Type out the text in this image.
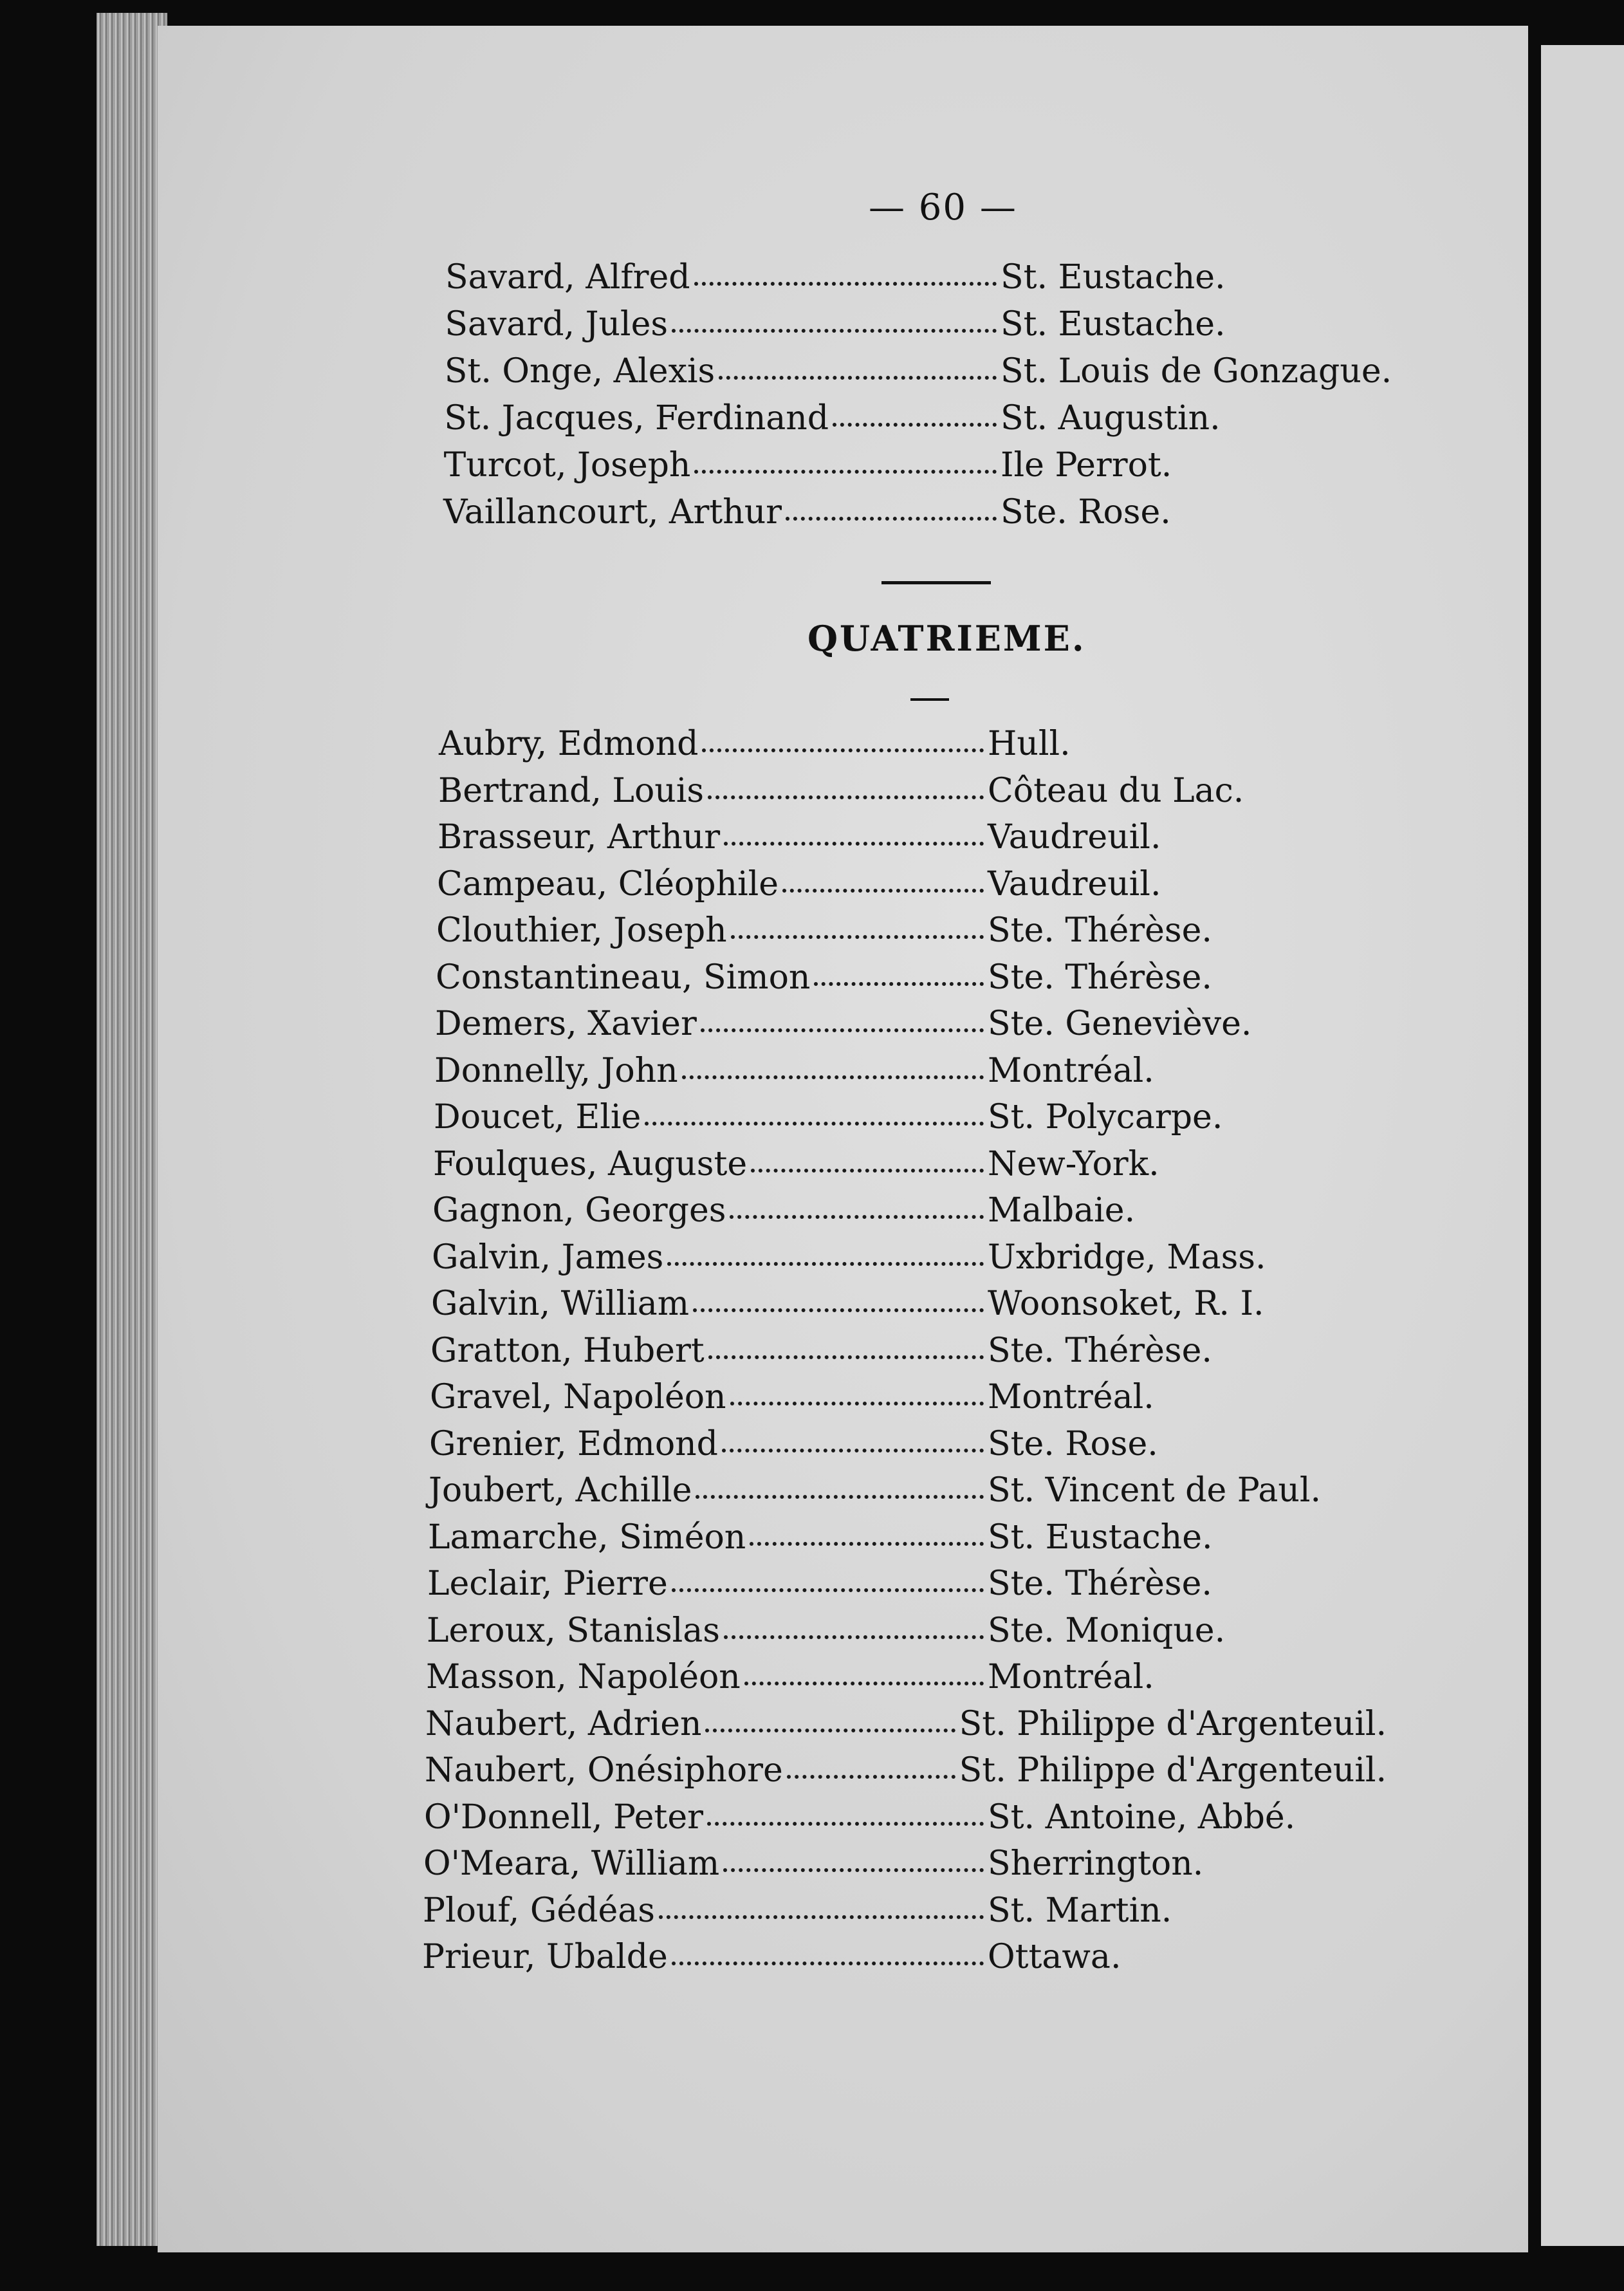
— 60 —
Savard, Alfred	St. Eustache.
Savard, Jules	St. Eustache.
St. Onge, Alexis	St. Louis de Gonzague.
St. Jacques, Ferdinand	St. Augustin.
Turcot, Joseph	Ile Perrot.
Vaillancourt, Arthur	Ste. Rose.
Aubry, Edmond	Hull.
Bertrand, Louis	Côteau du Lac.
Brasseur, Arthur	Vaudreuil.
Campeau, Cléophile	Vaudreuil.
Clouthier, Joseph	Ste. Thérèse.
Constantineau, Simon	Ste. Thérèse.
Demers, Xavier	Ste. Geneviève.
Donnelly, John	Montréal.
Doucet, Elie	St. Polycarpe.
Foulques, Auguste	New-York.
Gagnon, Georges	Malbaie.
Galvin, James	Uxbridge, Mass.
Galvin, William	Woonsoket, R. I.
Gratton, Hubert	Ste. Thérèse.
Gravel, Napoléon	Montréal.
Grenier, Edmond	Ste. Rose.
Joubert, Achille	St. Vincent de Paul.
Lamarche, Siméon	St. Eustache.
Leclair, Pierre	Ste. Thérèse.
Leroux, Stanislas	Ste. Monique.
Masson, Napoléon	Montréal.
Naubert, Adrien	St. Philippe d'Argenteuil.
Naubert, Onésiphore	St. Philippe d'Argenteuil.
O'Donnell, Peter	St. Antoine, Abbé.
O'Meara, William	Sherrington.
Plouf, Gédéas	St. Martin.
Prieur, Ubalde	Ottawa.
QUATRIEME.
